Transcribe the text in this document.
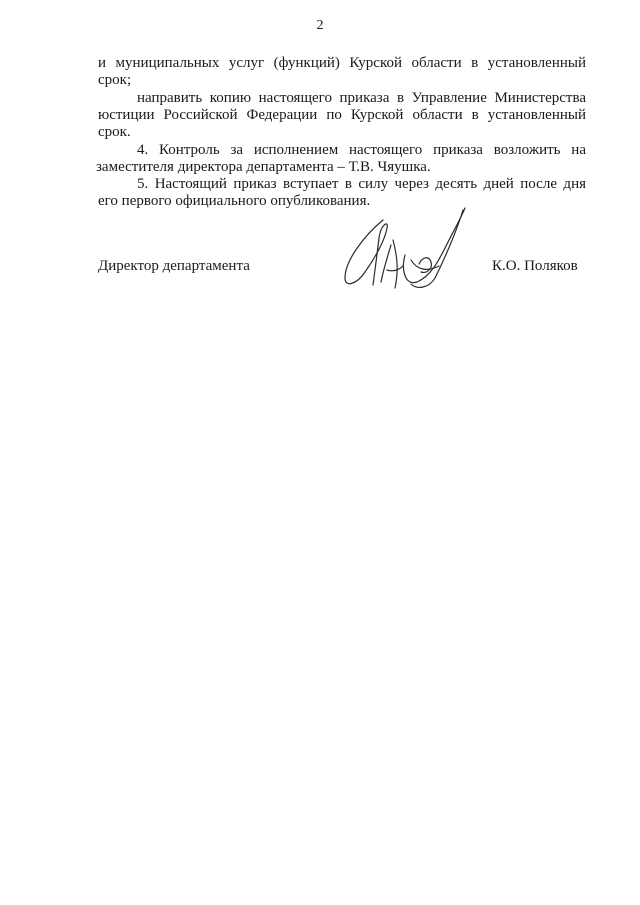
2
и муниципальных услуг (функций) Курской области в установленный
срок;
направить копию настоящего приказа в Управление Министерства
юстиции Российской Федерации по Курской области в установленный
срок.
4. Контроль за исполнением настоящего приказа возложить на
заместителя директора департамента – Т.В. Чяушка.
5. Настоящий приказ вступает в силу через десять дней после дня
его первого официального опубликования.
Директор департамента	К.О. Поляков
